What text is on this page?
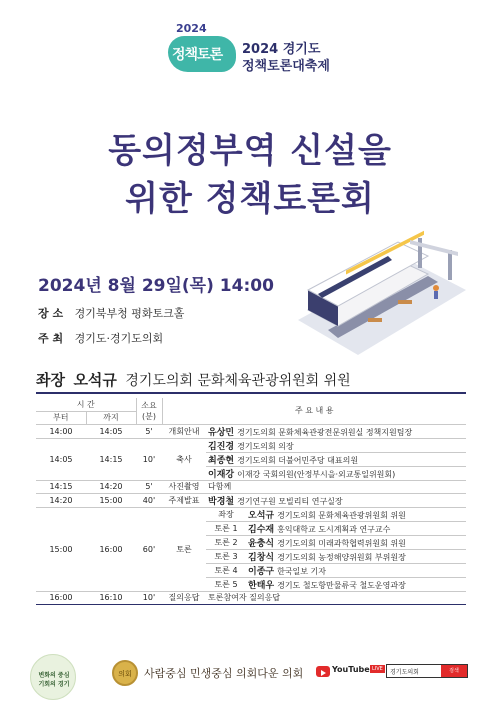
2024
정책토론 2024 경기도
정책토론대축제
동의정부역 신설을
위한 정책토론회
2024년 8월 29일(목) 14:00
장 소 경기북부청 평화토크홀
주 최 경기도·경기도의회
좌장 오석규 경기도의회 문화체육관광위원회 위원
시 간		소요(분)	주 요 내 용		
부터	까지				
14:00	14:05	5'	개회안내	유상민 경기도의회 문화체육관광전문위원실 정책지원팀장	
14:05	14:15	10'	축사	김진경 경기도의회 의장	
				최종현 경기도의회 더불어민주당 대표의원	
				이재강 이재강 국회의원(안정부시을·외교통일위원회)	
14:15	14:20	5'	사진촬영	다함께	
14:20	15:00	40'	주제발표	박경철 경기연구원 모빌리티 연구실장	
15:00	16:00	60'	토론	좌장	오석규 경기도의회 문화체육관광위원회 위원
				토론 1	김수재 홍익대학교 도시계획과 연구교수
				토론 2	윤충식 경기도의회 미래과학협력위원회 위원
				토론 3	김창식 경기도의회 농정해양위원회 부위원장
				토론 4	이종구 한국일보 기자
				토론 5	한태우 경기도 철도항만물류국 철도운영과장
16:00	16:10	10'	질의응답	토론참여자 질의응답	
변화의 중심
기회의 경기
의회	사람중심 민생중심 의회다운 의회	YouTube LIVE	경기도의회	검색
